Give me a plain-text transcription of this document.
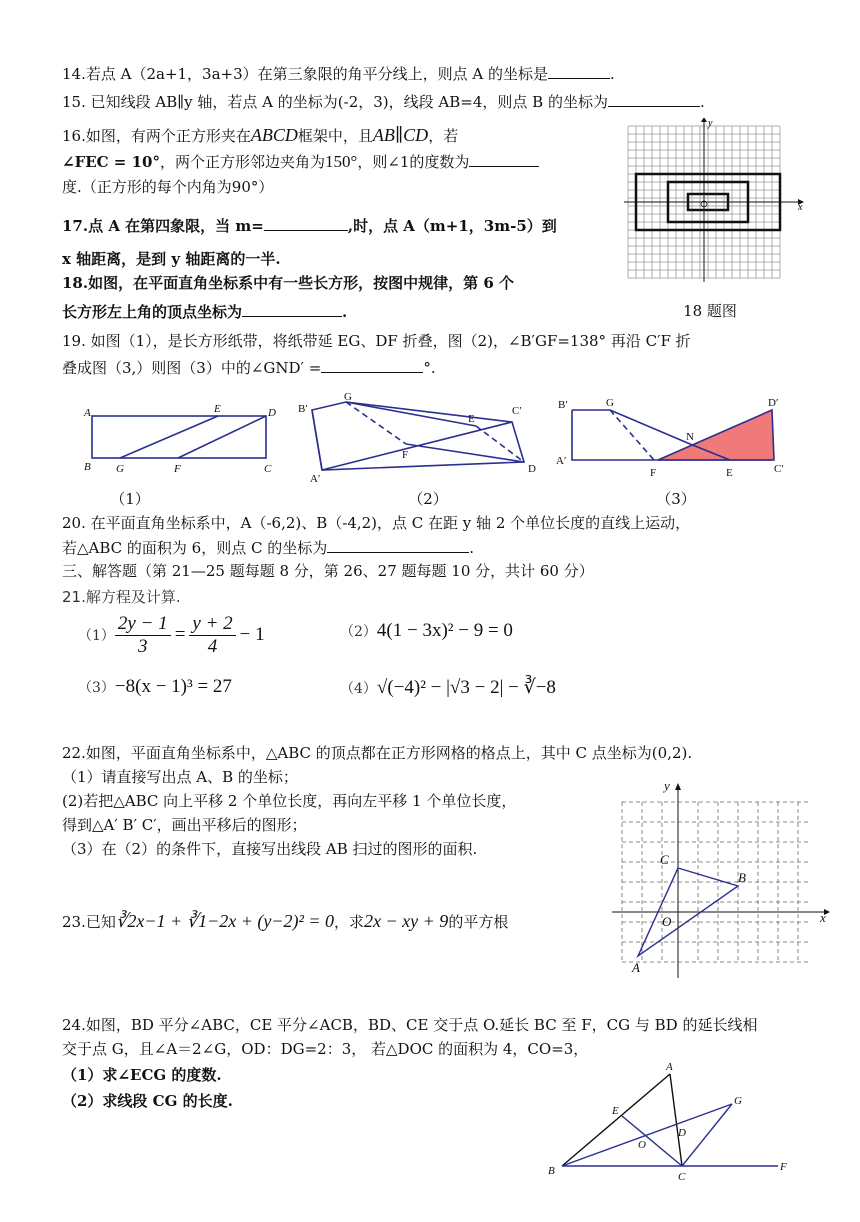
14.若点 A（2a+1，3a+3）在第三象限的角平分线上，则点 A 的坐标是	.
15. 已知线段 AB∥y 轴，若点 A 的坐标为(-2，3)，线段 AB=4，则点 B 的坐标为	.
16.如图，有两个正方形夹在ABCD框架中，且AB∥CD，若
∠FEC = 10°，两个正方形邻边夹角为150°，则∠1的度数为
度.（正方形的每个内角为90°）
17.点 A 在第四象限，当 m=	,时，点 A（m+1，3m-5）到
x 轴距离，是到 y 轴距离的一半.
18.如图，在平面直角坐标系中有一些长方形，按图中规律，第 6 个
长方形左上角的顶点坐标为	.
y
x
18 题图
19. 如图（1），是长方形纸带，将纸带延 EG、DF 折叠，图（2)，∠B′GF=138° 再沿 C′F 折
叠成图（3,）则图（3）中的∠GND′ =	°.
A	E	D
B G	F	C
B′
G
E
C′
F
A′
D
B′	G	D′
N
A′
F	E	C′
（1）	（2）	（3）
20. 在平面直角坐标系中，A（-6,2)、B（-4,2)，点 C 在距 y 轴 2 个单位长度的直线上运动，
若△ABC 的面积为 6，则点 C 的坐标为	.
三、解答题（第 21—25 题每题 8 分，第 26、27 题每题 10 分，共计 60 分）
21.解方程及计算.
$(1) \frac{2y - 1}{3} = \frac{y + 2}{4} - 1$	（2） 4(1 − 3x)² − 9 = 0
（3） −8(x − 1)³ = 27	（4） √(−4)² − |√3 − 2| − ∛−8
22.如图，平面直角坐标系中，△ABC 的顶点都在正方形网格的格点上，其中 C 点坐标为(0,2).
（1）请直接写出点 A、B 的坐标；
(2)若把△ABC 向上平移 2 个单位长度，再向左平移 1 个单位长度，
得到△A′ B′ C′，画出平移后的图形；
（3）在（2）的条件下，直接写出线段 AB 扫过的图形的面积.
y
x
C
B
O
A
23.已知∛2x−1 + ∛1−2x + (y−2)² = 0，求2x − xy + 9的平方根
24.如图，BD 平分∠ABC，CE 平分∠ACB，BD、CE 交于点 O.延长 BC 至 F，CG 与 BD 的延长线相
交于点 G，且∠A＝2∠G，OD：DG=2：3， 若△DOC 的面积为 4，CO=3，
（1）求∠ECG 的度数.
（2）求线段 CG 的长度.
A
E
G
D
O
B	C
F
